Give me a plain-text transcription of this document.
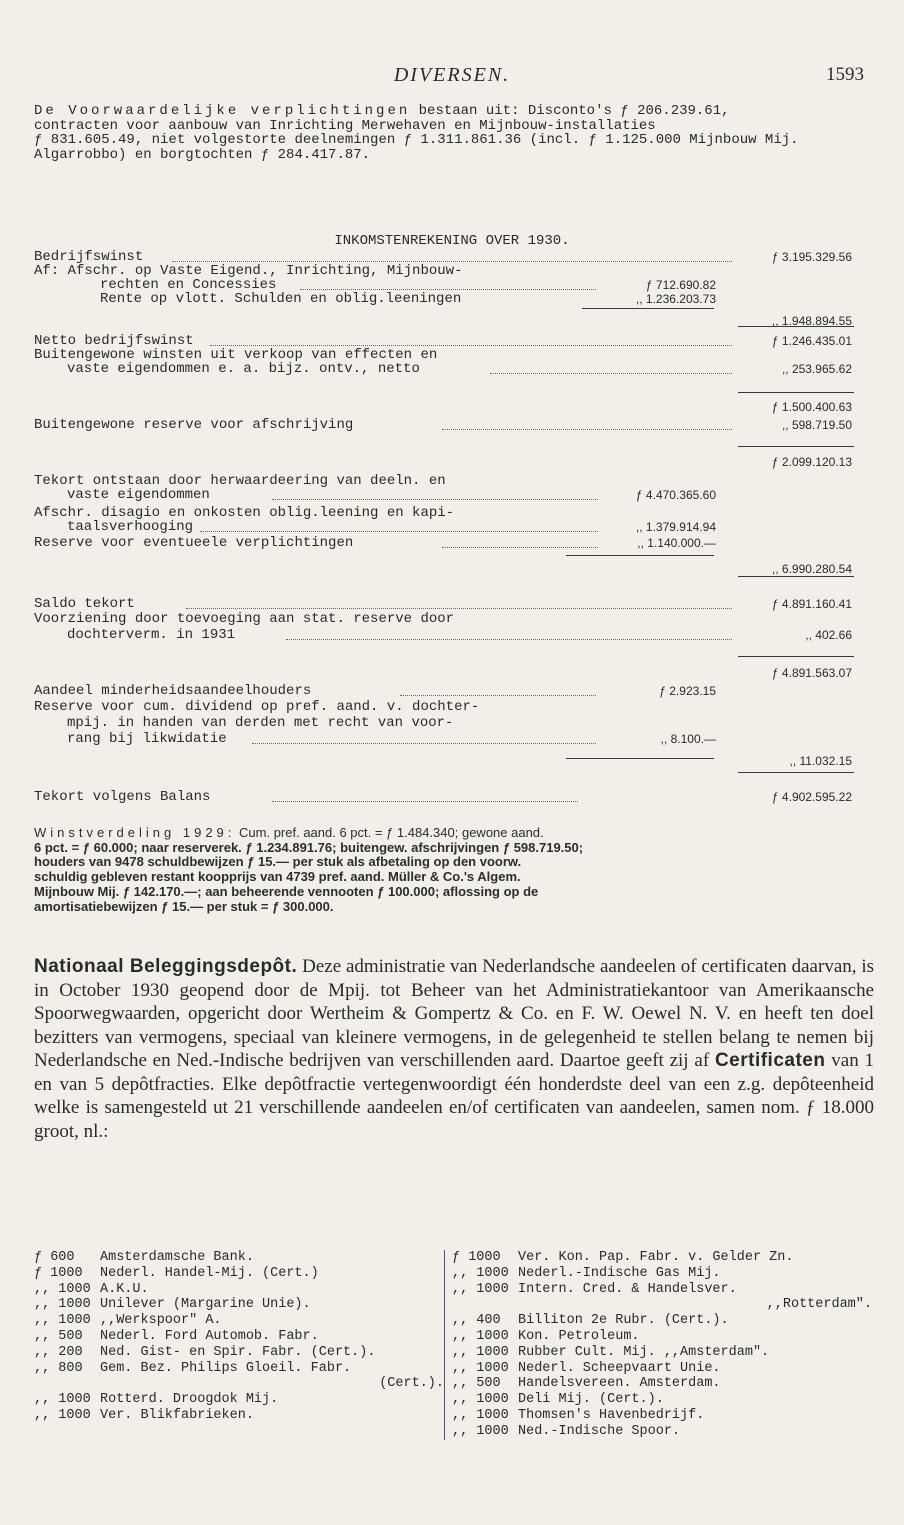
DIVERSEN.	1593
De Voorwaardelijke verplichtingen bestaan uit: Disconto's ƒ 206.239.61,
contracten voor aanbouw van Inrichting Merwehaven en Mijnbouw-installaties
ƒ 831.605.49, niet volgestorte deelnemingen ƒ 1.311.861.36 (incl. ƒ 1.125.000 Mijnbouw Mij.
Algarrobbo) en borgtochten ƒ 284.417.87.
INKOMSTENREKENING OVER 1930.
Bedrijfswinst	ƒ 3.195.329.56
Af: Afschr. op Vaste Eigend., Inrichting, Mijnbouw-
rechten en Concessies	ƒ 712.690.82
Rente op vlott. Schulden en oblig.leeningen	,, 1.236.203.73
,, 1.948.894.55
Netto bedrijfswinst	ƒ 1.246.435.01
Buitengewone winsten uit verkoop van effecten en
vaste eigendommen e. a. bijz. ontv., netto	,, 253.965.62
ƒ 1.500.400.63
Buitengewone reserve voor afschrijving	,, 598.719.50
ƒ 2.099.120.13
Tekort ontstaan door herwaardeering van deeln. en
vaste eigendommen	ƒ 4.470.365.60
Afschr. disagio en onkosten oblig.leening en kapi-
taalsverhooging	,, 1.379.914.94
Reserve voor eventueele verplichtingen	,, 1.140.000.—
,, 6.990.280.54
Saldo tekort	ƒ 4.891.160.41
Voorziening door toevoeging aan stat. reserve door
dochterverm. in 1931	,, 402.66
ƒ 4.891.563.07
Aandeel minderheidsaandeelhouders	ƒ 2.923.15
Reserve voor cum. dividend op pref. aand. v. dochter-
mpij. in handen van derden met recht van voor-
rang bij likwidatie	,, 8.100.—
,, 11.032.15
Tekort volgens Balans	ƒ 4.902.595.22
Winstverdeling 1929: Cum. pref. aand. 6 pct. = ƒ 1.484.340; gewone aand.
6 pct. = ƒ 60.000; naar reserverek. ƒ 1.234.891.76; buitengew. afschrijvingen ƒ 598.719.50;
houders van 9478 schuldbewijzen ƒ 15.— per stuk als afbetaling op den voorw.
schuldig gebleven restant koopprijs van 4739 pref. aand. Müller & Co.'s Algem.
Mijnbouw Mij. ƒ 142.170.—; aan beheerende vennooten ƒ 100.000; aflossing op de
amortisatiebewijzen ƒ 15.— per stuk = ƒ 300.000.
Nationaal Beleggingsdepôt. Deze administratie van Nederlandsche aandeelen of certificaten daarvan, is in October 1930 geopend door de Mpij. tot Beheer van het Administratiekantoor van Amerikaansche Spoorwegwaarden, opgericht door Wertheim & Gompertz & Co. en F. W. Oewel N. V. en heeft ten doel bezitters van vermogens, speciaal van kleinere vermogens, in de gelegenheid te stellen belang te nemen bij Nederlandsche en Ned.-Indische bedrijven van verschillenden aard. Daartoe geeft zij af Certificaten van 1 en van 5 depôtfracties. Elke depôtfractie vertegenwoordigt één honderdste deel van een z.g. depôteenheid welke is samengesteld ut 21 verschillende aandeelen en/of certificaten van aandeelen, samen nom. ƒ 18.000 groot, nl.:
ƒ 600	Amsterdamsche Bank.
ƒ 1000	Nederl. Handel-Mij. (Cert.)
,, 1000 A.K.U.
,, 1000 Unilever (Margarine Unie).
,, 1000 ,,Werkspoor" A.
,, 500	Nederl. Ford Automob. Fabr.
,, 200	Ned. Gist- en Spir. Fabr. (Cert.).
,, 800	Gem. Bez. Philips Gloeil. Fabr.
(Cert.).
,, 1000 Rotterd. Droogdok Mij.
,, 1000 Ver. Blikfabrieken.
ƒ 1000	Ver. Kon. Pap. Fabr. v. Gelder Zn.
,, 1000 Nederl.-Indische Gas Mij.
,, 1000 Intern. Cred. & Handelsver.
,,Rotterdam".
,, 400	Billiton 2e Rubr. (Cert.).
,, 1000 Kon. Petroleum.
,, 1000 Rubber Cult. Mij. ,,Amsterdam".
,, 1000 Nederl. Scheepvaart Unie.
,, 500	Handelsvereen. Amsterdam.
,, 1000 Deli Mij. (Cert.).
,, 1000 Thomsen's Havenbedrijf.
,, 1000 Ned.-Indische Spoor.
